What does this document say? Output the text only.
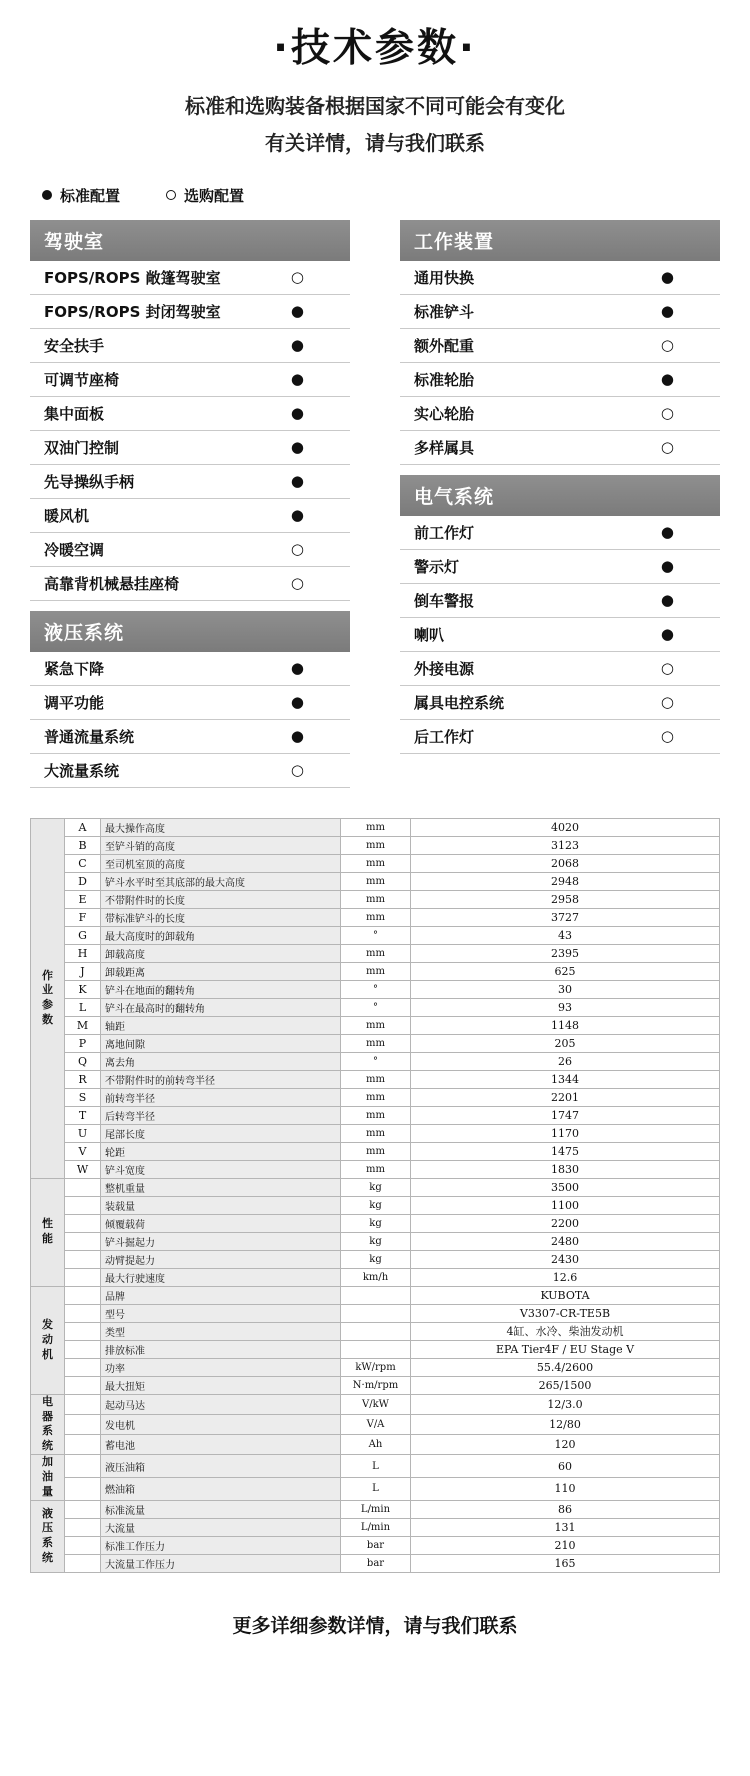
·技术参数·
标准和选购装备根据国家不同可能会有变化
有关详情，请与我们联系
标准配置	选购配置
驾驶室
FOPS/ROPS 敞篷驾驶室	○
FOPS/ROPS 封闭驾驶室	●
安全扶手	●
可调节座椅	●
集中面板	●
双油门控制	●
先导操纵手柄	●
暖风机	●
冷暖空调	○
高靠背机械悬挂座椅	○
液压系统
紧急下降	●
调平功能	●
普通流量系统	●
大流量系统	○
工作装置
通用快换	●
标准铲斗	●
额外配重	○
标准轮胎	●
实心轮胎	○
多样属具	○
电气系统
前工作灯	●
警示灯	●
倒车警报	●
喇叭	●
外接电源	○
属具电控系统	○
后工作灯	○
作
业
参
数	A	最大操作高度	mm	4020
	B	至铲斗销的高度	mm	3123
	C	至司机室顶的高度	mm	2068
	D	铲斗水平时至其底部的最大高度	mm	2948
	E	不带附件时的长度	mm	2958
	F	带标准铲斗的长度	mm	3727
	G	最大高度时的卸载角	°	43
	H	卸载高度	mm	2395
	J	卸载距离	mm	625
	K	铲斗在地面的翻转角	°	30
	L	铲斗在最高时的翻转角	°	93
	M	轴距	mm	1148
	P	离地间隙	mm	205
	Q	离去角	°	26
	R	不带附件时的前转弯半径	mm	1344
	S	前转弯半径	mm	2201
	T	后转弯半径	mm	1747
	U	尾部长度	mm	1170
	V	轮距	mm	1475
	W	铲斗宽度	mm	1830
性
能		整机重量	kg	3500
		装载量	kg	1100
		倾覆载荷	kg	2200
		铲斗掘起力	kg	2480
		动臂提起力	kg	2430
		最大行驶速度	km/h	12.6
发
动
机		品牌		KUBOTA
		型号		V3307-CR-TE5B
		类型		4缸、水冷、柴油发动机
		排放标准		EPA Tier4F / EU Stage V
		功率	kW/rpm	55.4/2600
		最大扭矩	N·m/rpm	265/1500
电
器
系
统		起动马达	V/kW	12/3.0
		发电机	V/A	12/80
		蓄电池	Ah	120
加
油
量		液压油箱	L	60
		燃油箱	L	110
液
压
系
统		标准流量	L/min	86
		大流量	L/min	131
		标准工作压力	bar	210
		大流量工作压力	bar	165
更多详细参数详情，请与我们联系
